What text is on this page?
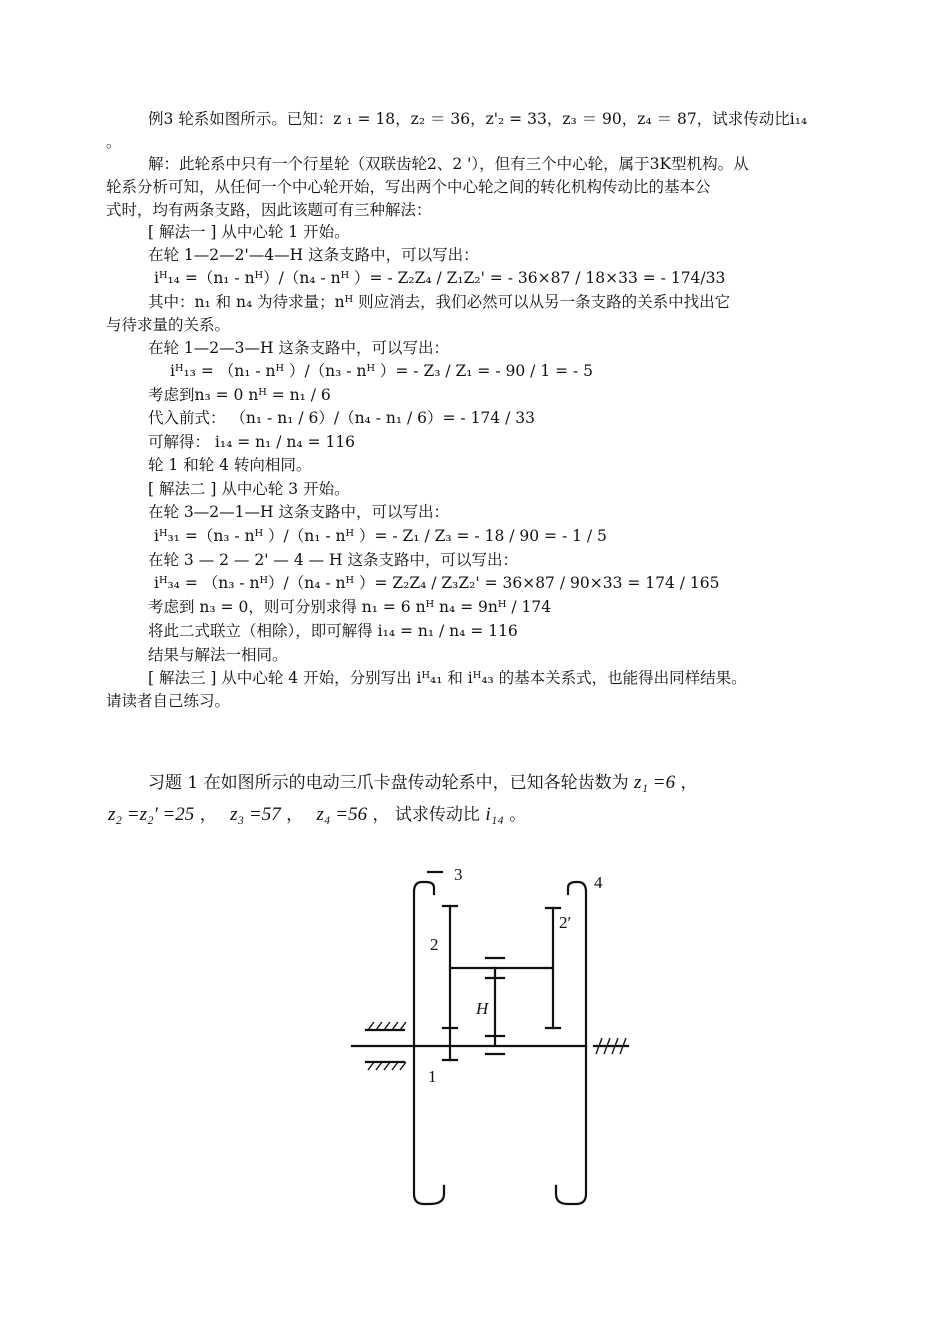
例3 轮系如图所示。已知：z ₁ = 18，z₂ ＝ 36，z'₂ = 33，z₃ ＝ 90，z₄ ＝ 87，试求传动比i₁₄
。
解：此轮系中只有一个行星轮（双联齿轮2、2 '），但有三个中心轮，属于3K型机构。从
轮系分析可知，从任何一个中心轮开始，写出两个中心轮之间的转化机构传动比的基本公
式时，均有两条支路，因此该题可有三种解法：
[ 解法一 ] 从中心轮 1 开始。
在轮 1—2—2'—4—H 这条支路中，可以写出：
iᴴ₁₄ =（n₁ - nᴴ）/（n₄ - nᴴ ）= - Z₂Z₄ / Z₁Z₂' = - 36×87 / 18×33 = - 174/33
其中：n₁ 和 n₄ 为待求量；nᴴ 则应消去，我们必然可以从另一条支路的关系中找出它
与待求量的关系。
在轮 1—2—3—H 这条支路中，可以写出：
iᴴ₁₃ = （n₁ - nᴴ ）/（n₃ - nᴴ ）= - Z₃ / Z₁ = - 90 / 1 = - 5
考虑到n₃ = 0 nᴴ = n₁ / 6
代入前式： （n₁ - n₁ / 6）/（n₄ - n₁ / 6）= - 174 / 33
可解得： i₁₄ = n₁ / n₄ = 116
轮 1 和轮 4 转向相同。
[ 解法二 ] 从中心轮 3 开始。
在轮 3—2—1—H 这条支路中，可以写出：
iᴴ₃₁ =（n₃ - nᴴ ）/（n₁ - nᴴ ）= - Z₁ / Z₃ = - 18 / 90 = - 1 / 5
在轮 3 — 2 — 2' — 4 — H 这条支路中，可以写出：
iᴴ₃₄ = （n₃ - nᴴ）/（n₄ - nᴴ ）= Z₂Z₄ / Z₃Z₂' = 36×87 / 90×33 = 174 / 165
考虑到 n₃ = 0，则可分别求得 n₁ = 6 nᴴ n₄ = 9nᴴ / 174
将此二式联立（相除），即可解得 i₁₄ = n₁ / n₄ = 116
结果与解法一相同。
[ 解法三 ] 从中心轮 4 开始，分别写出 iᴴ₄₁ 和 iᴴ₄₃ 的基本关系式，也能得出同样结果。
请读者自己练习。
习题 1 在如图所示的电动三爪卡盘传动轮系中，已知各轮齿数为 z₁ =6 ，
z₂ =z₂′ =25 ， z₃ =57 ， z₄ =56 ， 试求传动比 i₁₄ 。
3	4
2
2′
H
1
